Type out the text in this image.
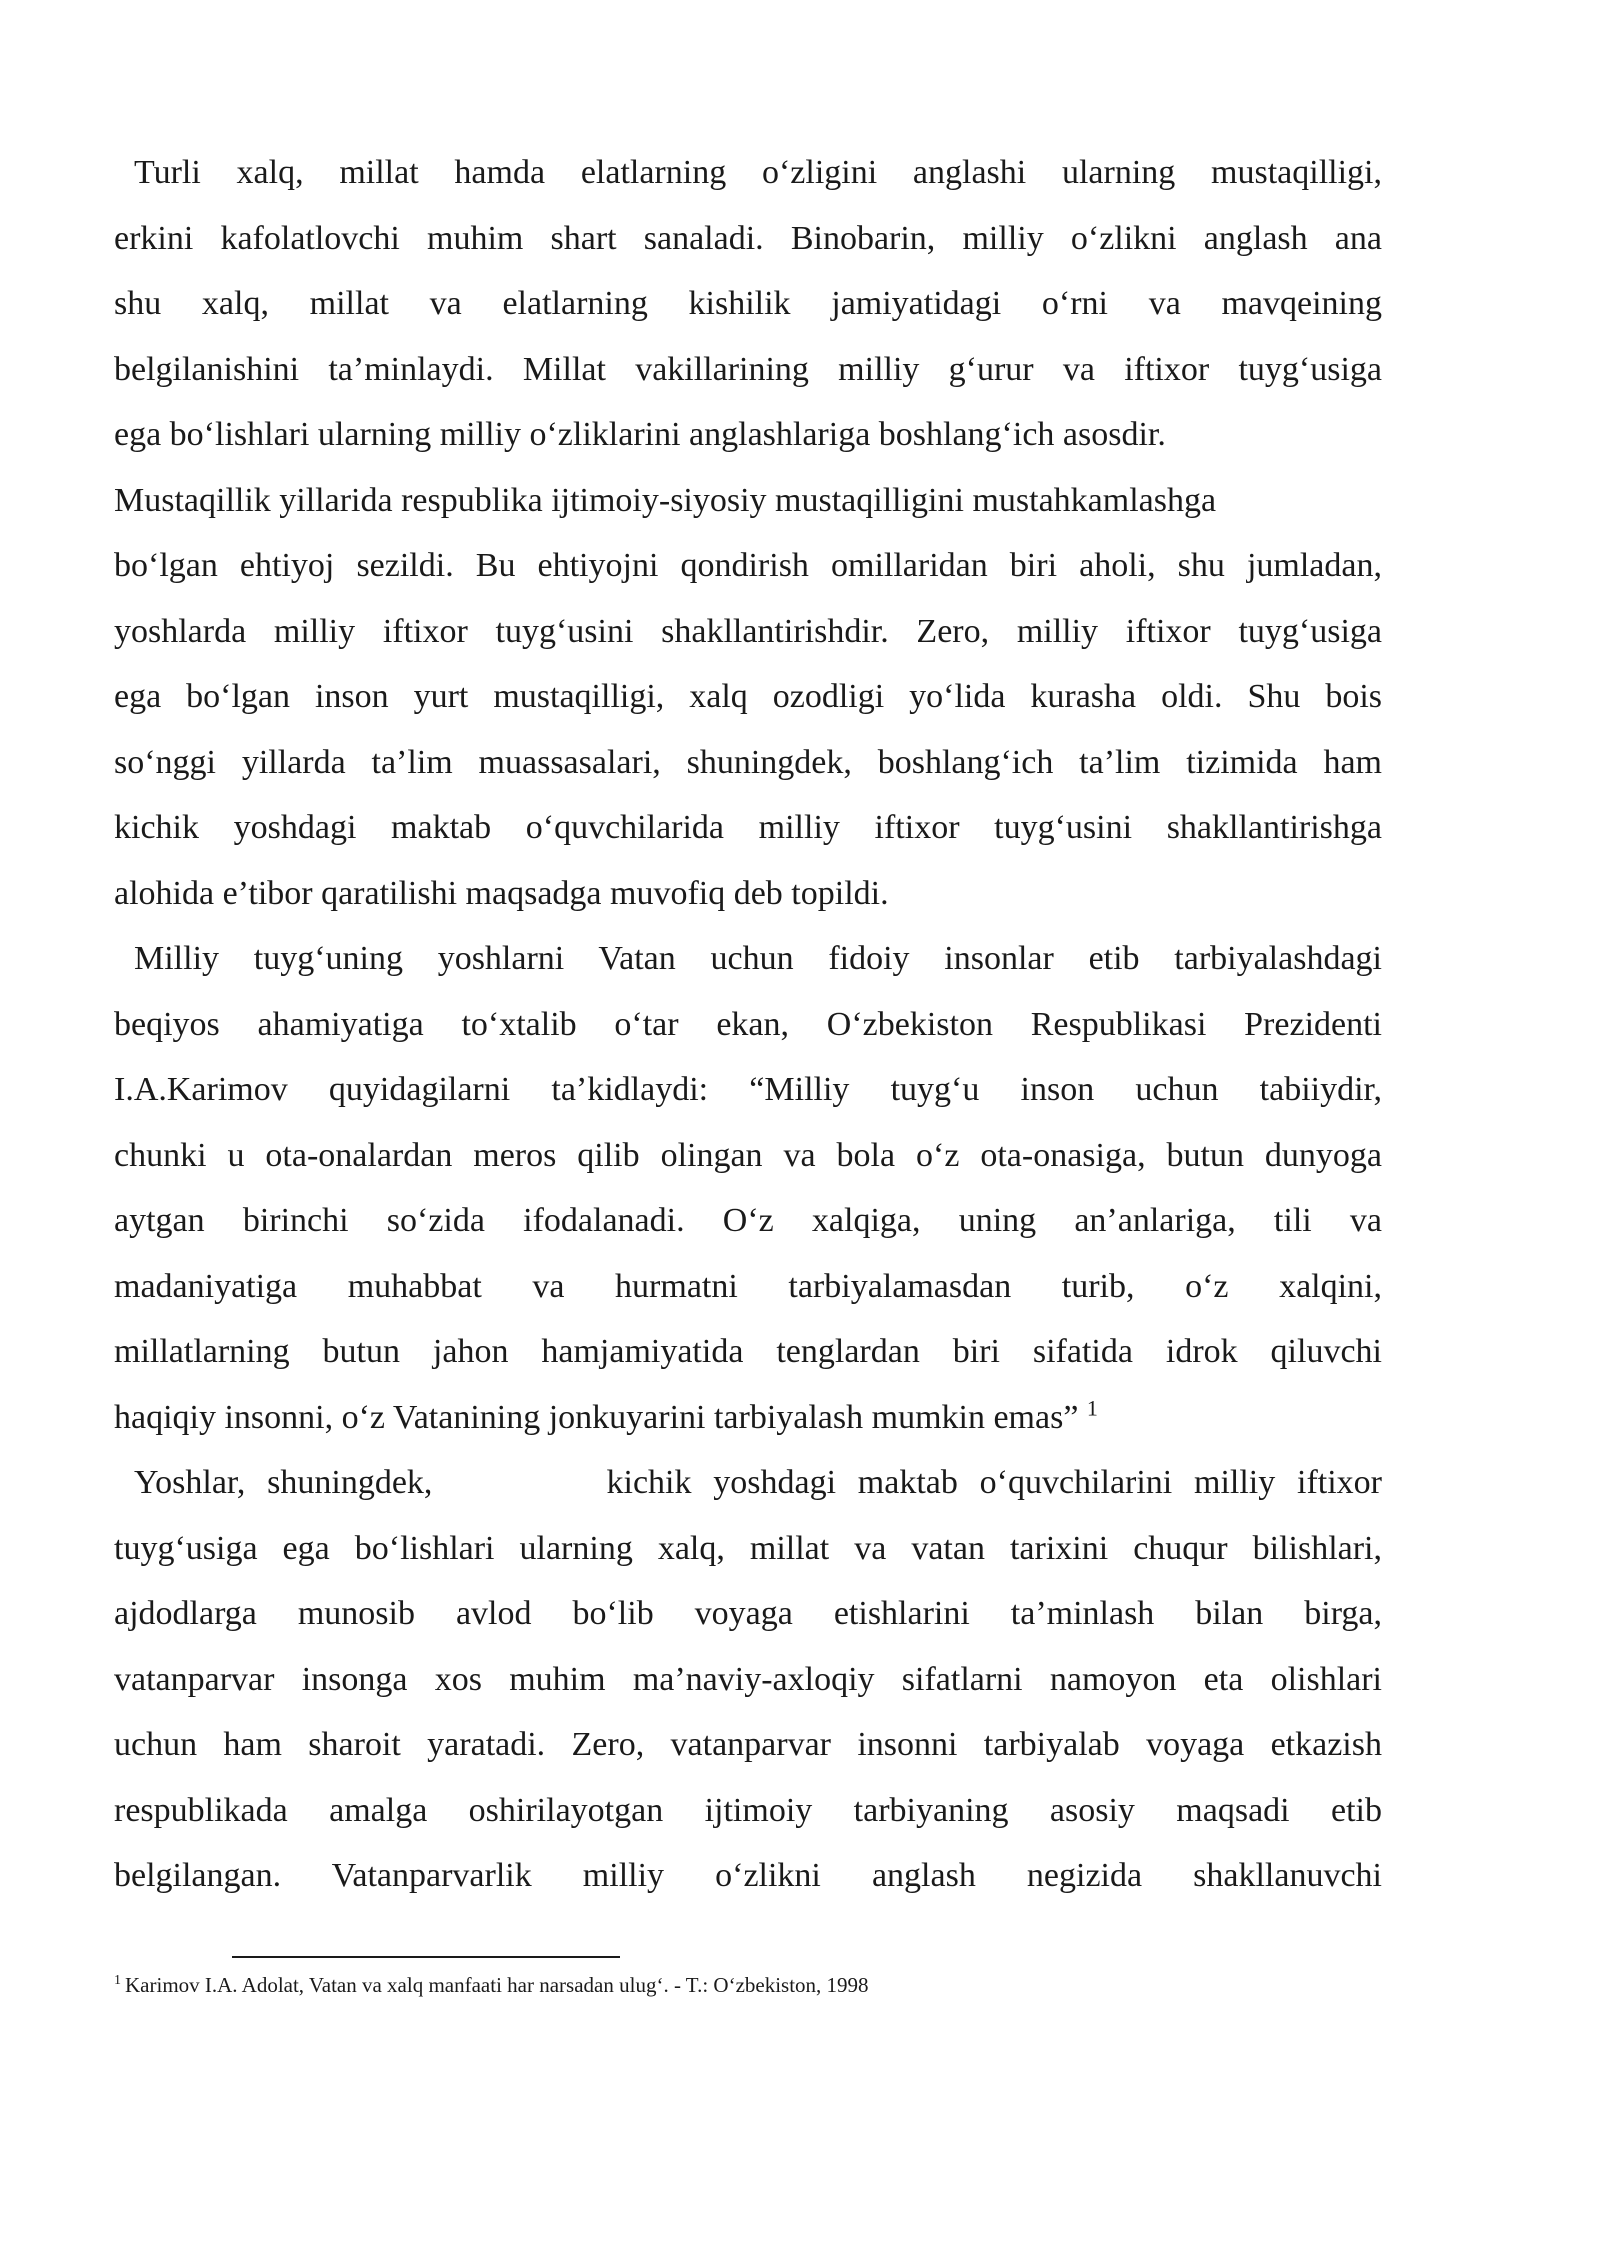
Turli xalq, millat hamda elatlarning o‘zligini anglashi ularning mustaqilligi,
erkini kafolatlovchi muhim shart sanaladi. Binobarin, milliy o‘zlikni anglash ana
shu xalq, millat va elatlarning kishilik jamiyatidagi o‘rni va mavqeining
belgilanishini ta’minlaydi. Millat vakillarining milliy g‘urur va iftixor tuyg‘usiga
ega bo‘lishlari ularning milliy o‘zliklarini anglashlariga boshlang‘ich asosdir.

Mustaqillik yillarida respublika ijtimoiy-siyosiy mustaqilligini mustahkamlashga
bo‘lgan ehtiyoj sezildi. Bu ehtiyojni qondirish omillaridan biri aholi, shu jumladan,
yoshlarda milliy iftixor tuyg‘usini shakllantirishdir. Zero, milliy iftixor tuyg‘usiga
ega bo‘lgan inson yurt mustaqilligi, xalq ozodligi yo‘lida kurasha oldi. Shu bois
so‘nggi yillarda ta’lim muassasalari, shuningdek, boshlang‘ich ta’lim tizimida ham
kichik yoshdagi maktab o‘quvchilarida milliy iftixor tuyg‘usini shakllantirishga
alohida e’tibor qaratilishi maqsadga muvofiq deb topildi.

Milliy tuyg‘uning yoshlarni Vatan uchun fidoiy insonlar etib tarbiyalashdagi
beqiyos ahamiyatiga to‘xtalib o‘tar ekan, O‘zbekiston Respublikasi Prezidenti
I.A.Karimov quyidagilarni ta’kidlaydi: “Milliy tuyg‘u inson uchun tabiiydir,
chunki u ota-onalardan meros qilib olingan va bola o‘z ota-onasiga, butun dunyoga
aytgan birinchi so‘zida ifodalanadi. O‘z xalqiga, uning an’anlariga, tili va
madaniyatiga muhabbat va hurmatni tarbiyalamasdan turib, o‘z xalqini,
millatlarning butun jahon hamjamiyatida tenglardan biri sifatida idrok qiluvchi
haqiqiy insonni, o‘z Vatanining jonkuyarini tarbiyalash mumkin emas” $^1$

Yoshlar, shuningdek,        kichik yoshdagi maktab o‘quvchilarini milliy iftixor
tuyg‘usiga ega bo‘lishlari ularning xalq, millat va vatan tarixini chuqur bilishlari,
ajdodlarga munosib avlod bo‘lib voyaga etishlarini ta’minlash bilan birga,
vatanparvar insonga xos muhim ma’naviy-axloqiy sifatlarni namoyon eta olishlari
uchun ham sharoit yaratadi. Zero, vatanparvar insonni tarbiyalab voyaga etkazish
respublikada amalga oshirilayotgan ijtimoiy tarbiyaning asosiy maqsadi etib
belgilangan. Vatanparvarlik milliy o‘zlikni anglash negizida shakllanuvchi

$^1$ Karimov I.A. Adolat, Vatan va xalq manfaati har narsadan ulug‘. - T.: O‘zbekiston, 1998
